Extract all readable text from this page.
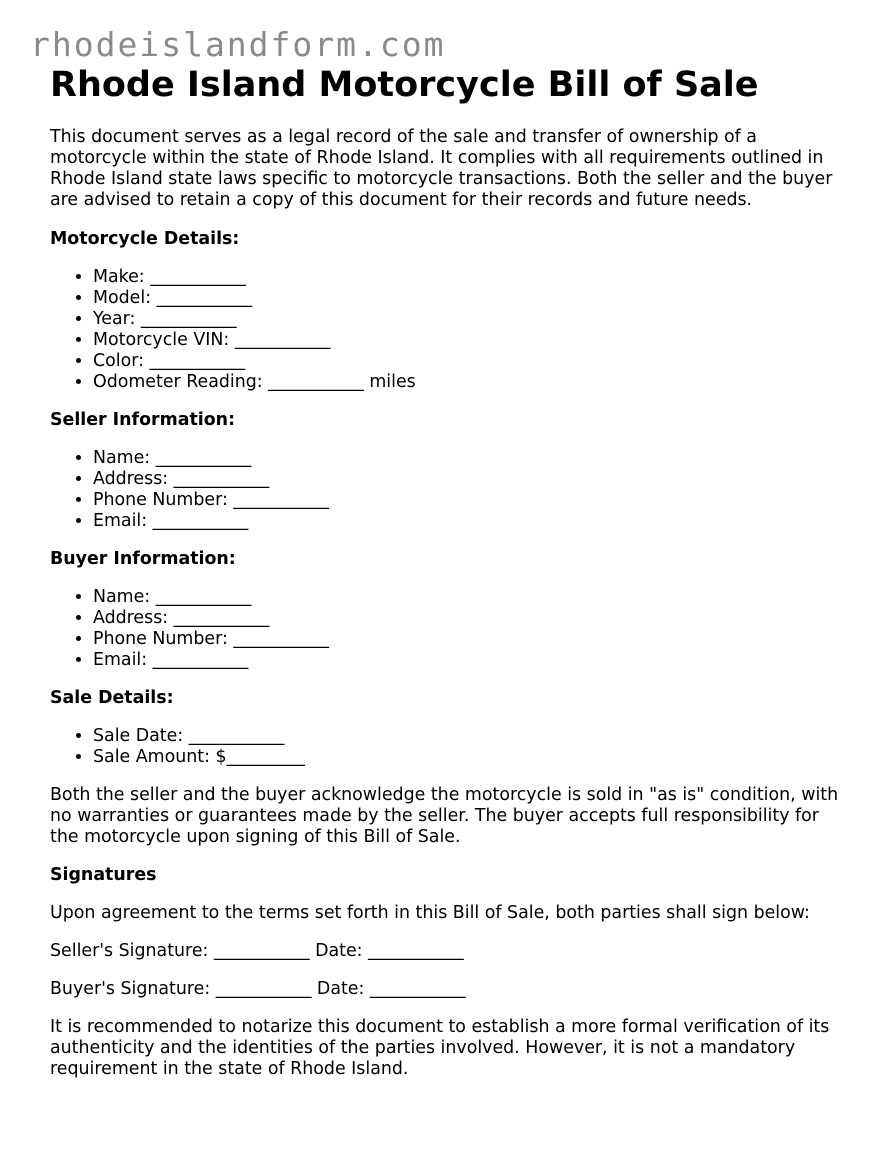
rhodeislandform.com
Rhode Island Motorcycle Bill of Sale

This document serves as a legal record of the sale and transfer of ownership of a motorcycle within the state of Rhode Island. It complies with all requirements outlined in Rhode Island state laws specific to motorcycle transactions. Both the seller and the buyer are advised to retain a copy of this document for their records and future needs.

Motorcycle Details:
• Make: ___________
• Model: ___________
• Year: ___________
• Motorcycle VIN: ___________
• Color: ___________
• Odometer Reading: ___________ miles
Seller Information:
• Name: ___________
• Address: ___________
• Phone Number: ___________
• Email: ___________
Buyer Information:
• Name: ___________
• Address: ___________
• Phone Number: ___________
• Email: ___________
Sale Details:
• Sale Date: ___________
• Sale Amount: $_________

Both the seller and the buyer acknowledge the motorcycle is sold in "as is" condition, with no warranties or guarantees made by the seller. The buyer accepts full responsibility for the motorcycle upon signing of this Bill of Sale.

Signatures

Upon agreement to the terms set forth in this Bill of Sale, both parties shall sign below:

Seller's Signature: ___________ Date: ___________

Buyer's Signature: ___________ Date: ___________

It is recommended to notarize this document to establish a more formal verification of its authenticity and the identities of the parties involved. However, it is not a mandatory requirement in the state of Rhode Island.
